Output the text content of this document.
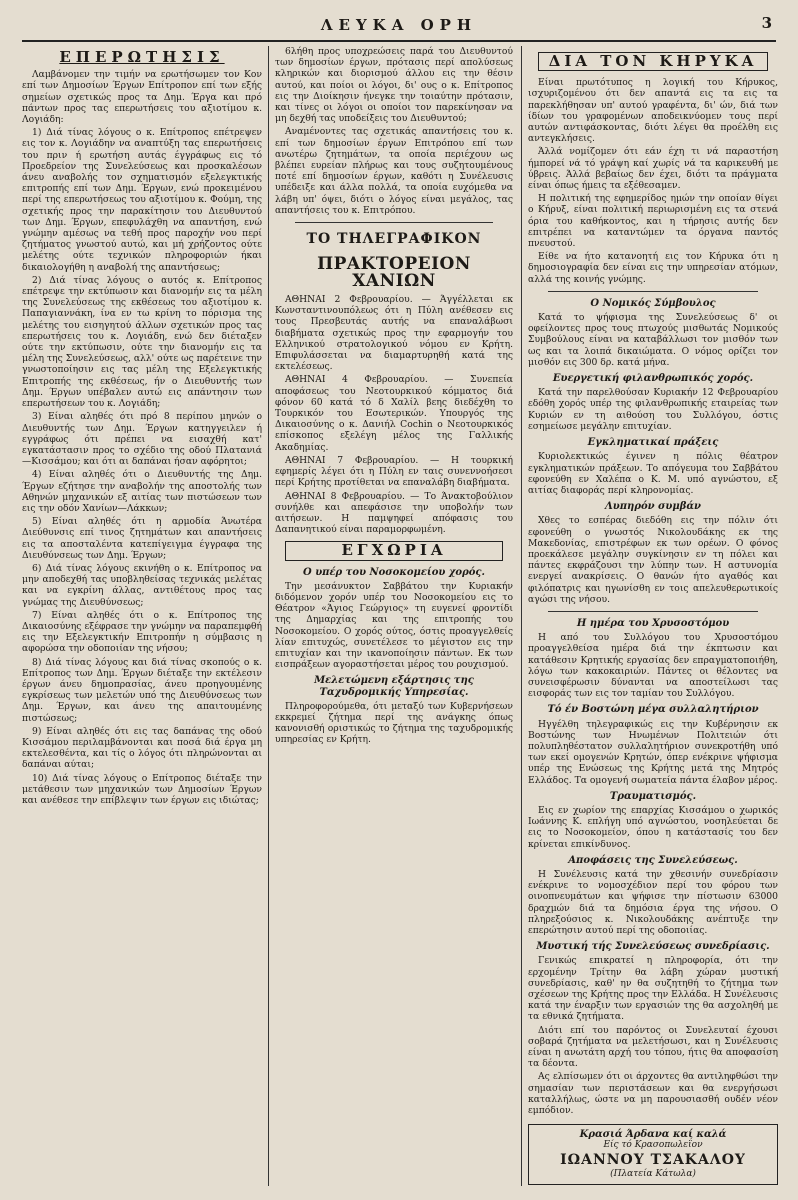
ΛΕΥΚΑ ΟΡΗ	3
ΕΠΕΡΩΤΗΣΙΣ

Λαμβάνομεν την τιμήν να ερωτήσωμεν τον Κον επί των Δημοσίων Έργων Επίτροπον επί των εξής σημείων σχετικώς προς τα Δημ. Έργα και πρό πάντων προς τας επερωτήσεις του αξιοτίμου κ. Λογιάδη:

1) Διά τίνας λόγους ο κ. Επίτροπος επέτρεψεν εις τον κ. Λογιάδην να αναπτύξη τας επερωτήσεις του πριν ή ερωτήση αυτάς έγγράφως εις τό Προεδρείον της Συνελεύσεως και προσκαλέσων άνευ αναβολής τον σχηματισμόν εξελεγκτικής επιτροπής επί των Δημ. Έργων, ενώ προκειμένου περί της επερωτήσεως του αξιοτίμου κ. Φούμη, της σχετικής προς την παρακίτησιν του Διευθυντού των Δημ. Έργων, επεφυλάχθη να απαντήση, ενώ γνώμην αμέσως να τεθή προς παροχήν νου περί ζητήματος γνωστού αυτώ, και μή χρήζοντος ούτε μελέτης ούτε τεχνικών πληροφοριών ήκαι δικαιολογήθη η αναβολή της απαντήσεως;

2) Διά τίνας λόγους ο αυτός κ. Επίτροπος επέτρεψε την εκτύπωσιν και διανομήν εις τα μέλη της Συνελεύσεως της εκθέσεως του αξιοτίμου κ. Παπαγιαννάκη, ίνα εν τω κρίνη το πόρισμα της μελέτης του εισηγητού άλλων σχετικών προς τας επερωτήσεις του κ. Λογιάδη, ενώ δεν διέταξεν ούτε την εκτύπωσιν, ούτε την διανομήν εις τα μέλη της Συνελεύσεως, αλλ' ούτε ως παρέτεινε την γνωστοποίησιν εις τας μέλη της Εξελεγκτικής Επιτροπής της εκθέσεως, ήν ο Διευθυντής των Δημ. Έργων υπέβαλεν αυτώ εις απάντησιν των επερωτήσεων του κ. Λογιάδη;

3) Είναι αληθές ότι πρό 8 περίπου μηνών ο Διευθυντής των Δημ. Έργων κατηγγειλεν ή εγγράφως ότι πρέπει να εισαχθή κατ' εγκατάστασιν προς το σχέδιο της οδού Πλατανιά—Κισσάμου; και ότι αι δαπάναι ήσαν αφόρητοι;

4) Είναι αληθές ότι ο Διευθυντής της Δημ. Έργων εζήτησε την αναβολήν της αποστολής των Αθηνών μηχανικών εξ αιτίας των πιστώσεων των εις την οδόν Χανίων—Λάκκων;

5) Είναι αληθές ότι η αρμοδία Άνωτέρα Διεύθυνσις επί τινος ζητημάτων και απαντήσεις εις τα αποσταλέντα κατεπίγειγμα έγγραφα της Διευθύνσεως των Δημ. Έργων;

6) Διά τίνας λόγους εκινήθη ο κ. Επίτροπος να μην αποδεχθή τας υποβληθείσας τεχνικάς μελέτας και να εγκρίνη άλλας, αντιθέτους προς τας γνώμας της Διευθύνσεως;

7) Είναι αληθές ότι ο κ. Επίτροπος της Δικαιοσύνης εξέφρασε την γνώμην να παραπεμφθή εις την Εξελεγκτικήν Επιτροπήν η σύμβασις η αφορώσα την οδοποιίαν της νήσου;

8) Διά τίνας λόγους και διά τίνας σκοπούς ο κ. Επίτροπος των Δημ. Έργων διέταξε την εκτέλεσιν έργων άνευ δημοπρασίας, άνευ προηγουμένης εγκρίσεως των μελετών υπό της Διευθύνσεως των Δημ. Έργων, και άνευ της απαιτουμένης πιστώσεως;

9) Είναι αληθές ότι εις τας δαπάνας της οδού Κισσάμου περιλαμβάνονται και ποσά διά έργα μη εκτελεσθέντα, και τίς ο λόγος ότι πληρώνονται αι δαπάναι αύται;

10) Διά τίνας λόγους ο Επίτροπος διέταξε την μετάθεσιν των μηχανικών των Δημοσίων Έργων και ανέθεσε την επίβλεψιν των έργων εις ιδιώτας;

6λήθη προς υποχρεώσεις παρά του Διευθυντού των δημοσίων έργων, πρότασις περί απολύσεως κληρικών και διορισμού άλλου εις την θέσιν αυτού, και ποίοι οι λόγοι, δι' ους ο κ. Επίτροπος εις την Διοίκησιν ήνεγκε την τοιαύτην πρότασιν, και τίνες οι λόγοι οι οποίοι τον παρεκίνησαν να μη δεχθή τας υποδείξεις του Διευθυντού;

Αναμένοντες τας σχετικάς απαντήσεις του κ. επί των δημοσίων έργων Επιτρόπου επί των ανωτέρω ζητημάτων, τα οποία περιέχουν ως βλέπει ευρείαν πλήρως και τους συζητουμένους ποτέ επί δημοσίων έργων, καθότι η Συνέλευσις υπέδειξε και άλλα πολλά, τα οποία ευχόμεθα να λάβη υπ' όψει, διότι ο λόγος είναι μεγάλος, τας απαντήσεις του κ. Επιτρόπου.

ΤΟ ΤΗΛΕΓΡΑΦΙΚΟΝ
ΠΡΑΚΤΟΡΕΙΟΝ ΧΑΝΙΩΝ

ΑΘΗΝΑΙ 2 Φεβρουαρίου. — Άγγέλλεται εκ Κωνσταντινουπόλεως ότι η Πύλη ανέθεσεν εις τους Πρεσβευτάς αυτής να επαναλάβωσι διαβήματα σχετικώς προς την εφαρμογήν του Ελληνικού στρατολογικού νόμου εν Κρήτη. Επιφυλάσσεται να διαμαρτυρηθή κατά της εκτελέσεως.

ΑΘΗΝΑΙ 4 Φεβρουαρίου. — Συνεπεία αποφάσεως του Νεοτουρκικού κόμματος διά φόνον 60 κατά τό δ Χαλίλ βεης διεδέχθη το Τουρκικόν του Εσωτερικών. Υπουργός της Δικαιοσύνης ο κ. Δανιήλ Cochin ο Νεοτουρκικός επίσκοπος εξελέγη μέλος της Γαλλικής Ακαδημίας.

ΑΘΗΝΑΙ 7 Φεβρουαρίου. — Η τουρκική εφημερίς λέγει ότι η Πύλη εν ταις συνεννοήσεσι περί Κρήτης προτίθεται να επαναλάβη διαβήματα.

ΑΘΗΝΑΙ 8 Φεβρουαρίου. — Το Άνακτοβούλιον συνήλθε και απεφάσισε την υποβολήν των αιτήσεων. Η παμψηφεί απόφασις του Δαπανητικού είναι παραμορφωμένη.

ΕΓΧΩΡΙΑ
Ο υπέρ του Νοσοκομείου χορός.

Την μεσάνυκτον Σαββάτου την Κυριακήν διδόμενον χορόν υπέρ του Νοσοκομείου εις το Θέατρον «Άγιος Γεώργιος» τη ευγενεί φροντίδι της Δημαρχίας και της επιτροπής του Νοσοκομείου. Ο χορός ούτος, όστις προαγγελθείς λίαν επιτυχώς, συνετέλεσε το μέγιστον εις την επιτυχίαν και την ικανοποίησιν πάντων. Εκ των εισπράξεων αγοραστήσεται μέρος του ρουχισμού.

Μελετώμενη εξάρτησις της Ταχυδρομικής Υπηρεσίας.

Πληροφορούμεθα, ότι μεταξύ των Κυβερνήσεων εκκρεμεί ζήτημα περί της ανάγκης όπως κανονισθή οριστικώς το ζήτημα της ταχυδρομικής υπηρεσίας εν Κρήτη.

ΔΙΑ ΤΟΝ ΚΗΡΥΚΑ

Είναι πρωτότυπος η λογική του Κήρυκος, ισχυριζομένου ότι δεν απαντά εις τα εις τα παρεκλήθησαν υπ' αυτού γραφέντα, δι' ών, διά των ίδίων του γραφομένων αποδεικνύομεν τους περί αυτών αντιφάσκοντας, διότι λέγει θα προέλθη εις αντεγκλήσεις.

Άλλά νομίζομεν ότι εάν έχη τι νά παραστήση ήμπορεί νά τό γράψη καί χωρίς νά τα καρικευθή με ύβρεις. Άλλά βεβαίως δεν έχει, διότι τα πράγματα είναι όπως ήμεις τα εξέθεσαμεν.

Η πολιτική της εφημερίδος ημών την οποίαν θίγει ο Κήρυξ, είναι πολιτική περιωρισμένη εις τα στενά όρια του καθήκοντος, και η τήρησις αυτής δεν επιτρέπει να καταντώμεν τα όργανα παντός πνευστού.

Είθε να ήτο κατανοητή εις τον Κήρυκα ότι η δημοσιογραφία δεν είναι εις την υπηρεσίαν ατόμων, αλλά της κοινής γνώμης.

Ο Νομικός Σύμβουλος

Κατά το ψήφισμα της Συνελεύσεως δ' οι οφείλοντες προς τους πτωχούς μισθωτάς Νομικούς Συμβούλους είναι να καταβάλλωσι τον μισθόν των ως και τα λοιπά δικαιώματα. Ο νόμος ορίζει τον μισθόν εις 300 δρ. κατά μήνα.

Ευεργετική φιλανθρωπικός χορός.

Κατά την παρελθούσαν Κυριακήν 12 Φεβρουαρίου εδόθη χορός υπέρ της φιλανθρωπικής εταιρείας των Κυριών εν τη αιθούση του Συλλόγου, όστις εσημείωσε μεγάλην επιτυχίαν.

Εγκληματικαί πράξεις

Κυριολεκτικώς έγινεν η πόλις θέατρον εγκληματικών πράξεων. Το απόγευμα του Σαββάτου εφονεύθη εν Χαλέπα ο Κ. Μ. υπό αγνώστου, εξ αιτίας διαφοράς περί κληρονομίας.

Λυπηρόν συμβάν

Χθες το εσπέρας διεδόθη εις την πόλιν ότι εφονεύθη ο γνωστός Νικολουδάκης εκ της Μακεδονίας, επιστρέφων εκ των ορέων. Ο φόνος προεκάλεσε μεγάλην συγκίνησιν εν τη πόλει και πάντες εκφράζουσι την λύπην των. Η αστυνομία ενεργεί ανακρίσεις. Ο θανών ήτο αγαθός και φιλόπατρις και ηγωνίσθη εν τοις απελευθερωτικοίς αγώσι της νήσου.

Η ημέρα του Χρυσοστόμου

Η από του Συλλόγου του Χρυσοστόμου προαγγελθείσα ημέρα διά την έκπτωσιν και κατάθεσιν Κρητικής εργασίας δεν επραγματοποιήθη, λόγω των κακοκαιριών. Πάντες οι θέλοντες να συνεισφέρωσιν δύνανται να αποστείλωσι τας εισφοράς των εις τον ταμίαν του Συλλόγου.

Τό έν Βοστώνη μέγα συλλαλητήριον

Ηγγέλθη τηλεγραφικώς εις την Κυβέρνησιν εκ Βοστώνης των Ηνωμένων Πολιτειών ότι πολυπληθέστατον συλλαλητήριον συνεκροτήθη υπό των εκεί ομογενών Κρητών, όπερ ενέκρινε ψήφισμα υπέρ της Ενώσεως της Κρήτης μετά της Μητρός Ελλάδος. Τα ομογενή σωματεία πάντα έλαβον μέρος.

Τραυματισμός.

Εις εν χωρίον της επαρχίας Κισσάμου ο χωρικός Ιωάννης Κ. επλήγη υπό αγνώστου, νοσηλεύεται δε εις το Νοσοκομείον, όπου η κατάστασίς του δεν κρίνεται επικίνδυνος.

Αποφάσεις της Συνελεύσεως.

Η Συνέλευσις κατά την χθεσινήν συνεδρίασιν ενέκρινε το νομοσχέδιον περί του φόρου των οινοπνευμάτων και ψήφισε την πίστωσιν 63000 δραχμών διά τα δημόσια έργα της νήσου. Ο πληρεξούσιος κ. Νικολουδάκης ανέπτυξε την επερώτησιν αυτού περί της οδοποιίας.

Μυστική τής Συνελεύσεως συνεδρίασις.

Γενικώς επικρατεί η πληροφορία, ότι την ερχομένην Τρίτην θα λάβη χώραν μυστική συνεδρίασις, καθ' ην θα συζητηθή το ζήτημα των σχέσεων της Κρήτης προς την Ελλάδα. Η Συνέλευσις κατά την έναρξιν των εργασιών της θα ασχοληθή με τα εθνικά ζητήματα.

Διότι επί του παρόντος οι Συνελευταί έχουσι σοβαρά ζητήματα να μελετήσωσι, και η Συνέλευσις είναι η ανωτάτη αρχή του τόπου, ήτις θα αποφασίση τα δέοντα.

Ας ελπίσωμεν ότι οι άρχοντες θα αντιληφθώσι την σημασίαν των περιστάσεων και θα ενεργήσωσι καταλλήλως, ώστε να μη παρουσιασθή ουδέν νέον εμπόδιον.

Κρασιά Άρδανα καί καλά
Είς τό Κρασοπωλεΐον
ΙΩΑΝΝΟΥ ΤΣΑΚΑΛΟΥ
(Πλατεία Κάτωλα)
